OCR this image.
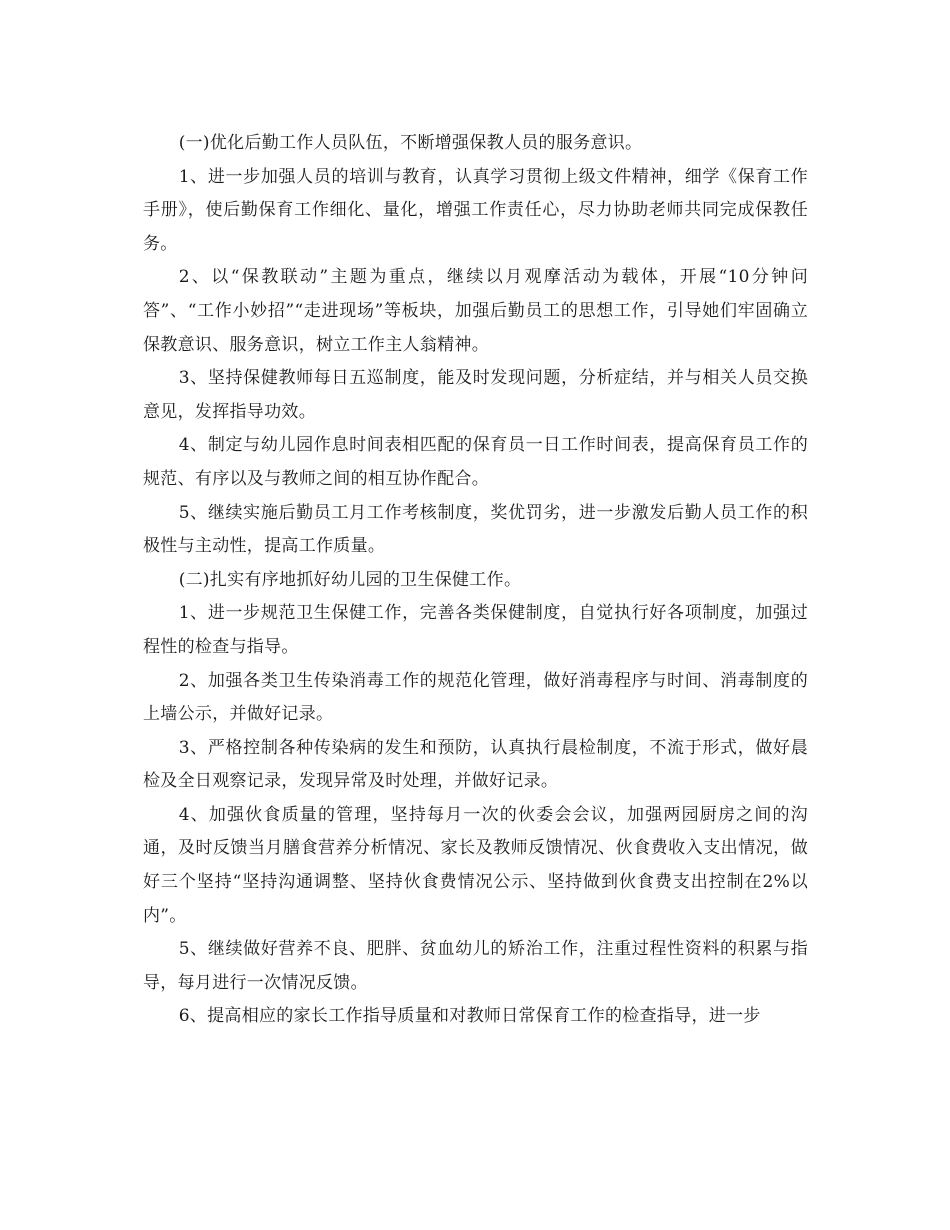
(一)优化后勤工作人员队伍，不断增强保教人员的服务意识。

1、进一步加强人员的培训与教育，认真学习贯彻上级文件精神，细学《保育工作手册》，使后勤保育工作细化、量化，增强工作责任心，尽力协助老师共同完成保教任务。

2、以“保教联动”主题为重点，继续以月观摩活动为载体，开展“10分钟问答”、“工作小妙招”“走进现场”等板块，加强后勤员工的思想工作，引导她们牢固确立保教意识、服务意识，树立工作主人翁精神。

3、坚持保健教师每日五巡制度，能及时发现问题，分析症结，并与相关人员交换意见，发挥指导功效。

4、制定与幼儿园作息时间表相匹配的保育员一日工作时间表，提高保育员工作的规范、有序以及与教师之间的相互协作配合。

5、继续实施后勤员工月工作考核制度，奖优罚劣，进一步激发后勤人员工作的积极性与主动性，提高工作质量。

(二)扎实有序地抓好幼儿园的卫生保健工作。

1、进一步规范卫生保健工作，完善各类保健制度，自觉执行好各项制度，加强过程性的检查与指导。

2、加强各类卫生传染消毒工作的规范化管理，做好消毒程序与时间、消毒制度的上墙公示，并做好记录。

3、严格控制各种传染病的发生和预防，认真执行晨检制度，不流于形式，做好晨检及全日观察记录，发现异常及时处理，并做好记录。

4、加强伙食质量的管理，坚持每月一次的伙委会会议，加强两园厨房之间的沟通，及时反馈当月膳食营养分析情况、家长及教师反馈情况、伙食费收入支出情况，做好三个坚持“坚持沟通调整、坚持伙食费情况公示、坚持做到伙食费支出控制在2%以内”。

5、继续做好营养不良、肥胖、贫血幼儿的矫治工作，注重过程性资料的积累与指导，每月进行一次情况反馈。

6、提高相应的家长工作指导质量和对教师日常保育工作的检查指导，进一步
